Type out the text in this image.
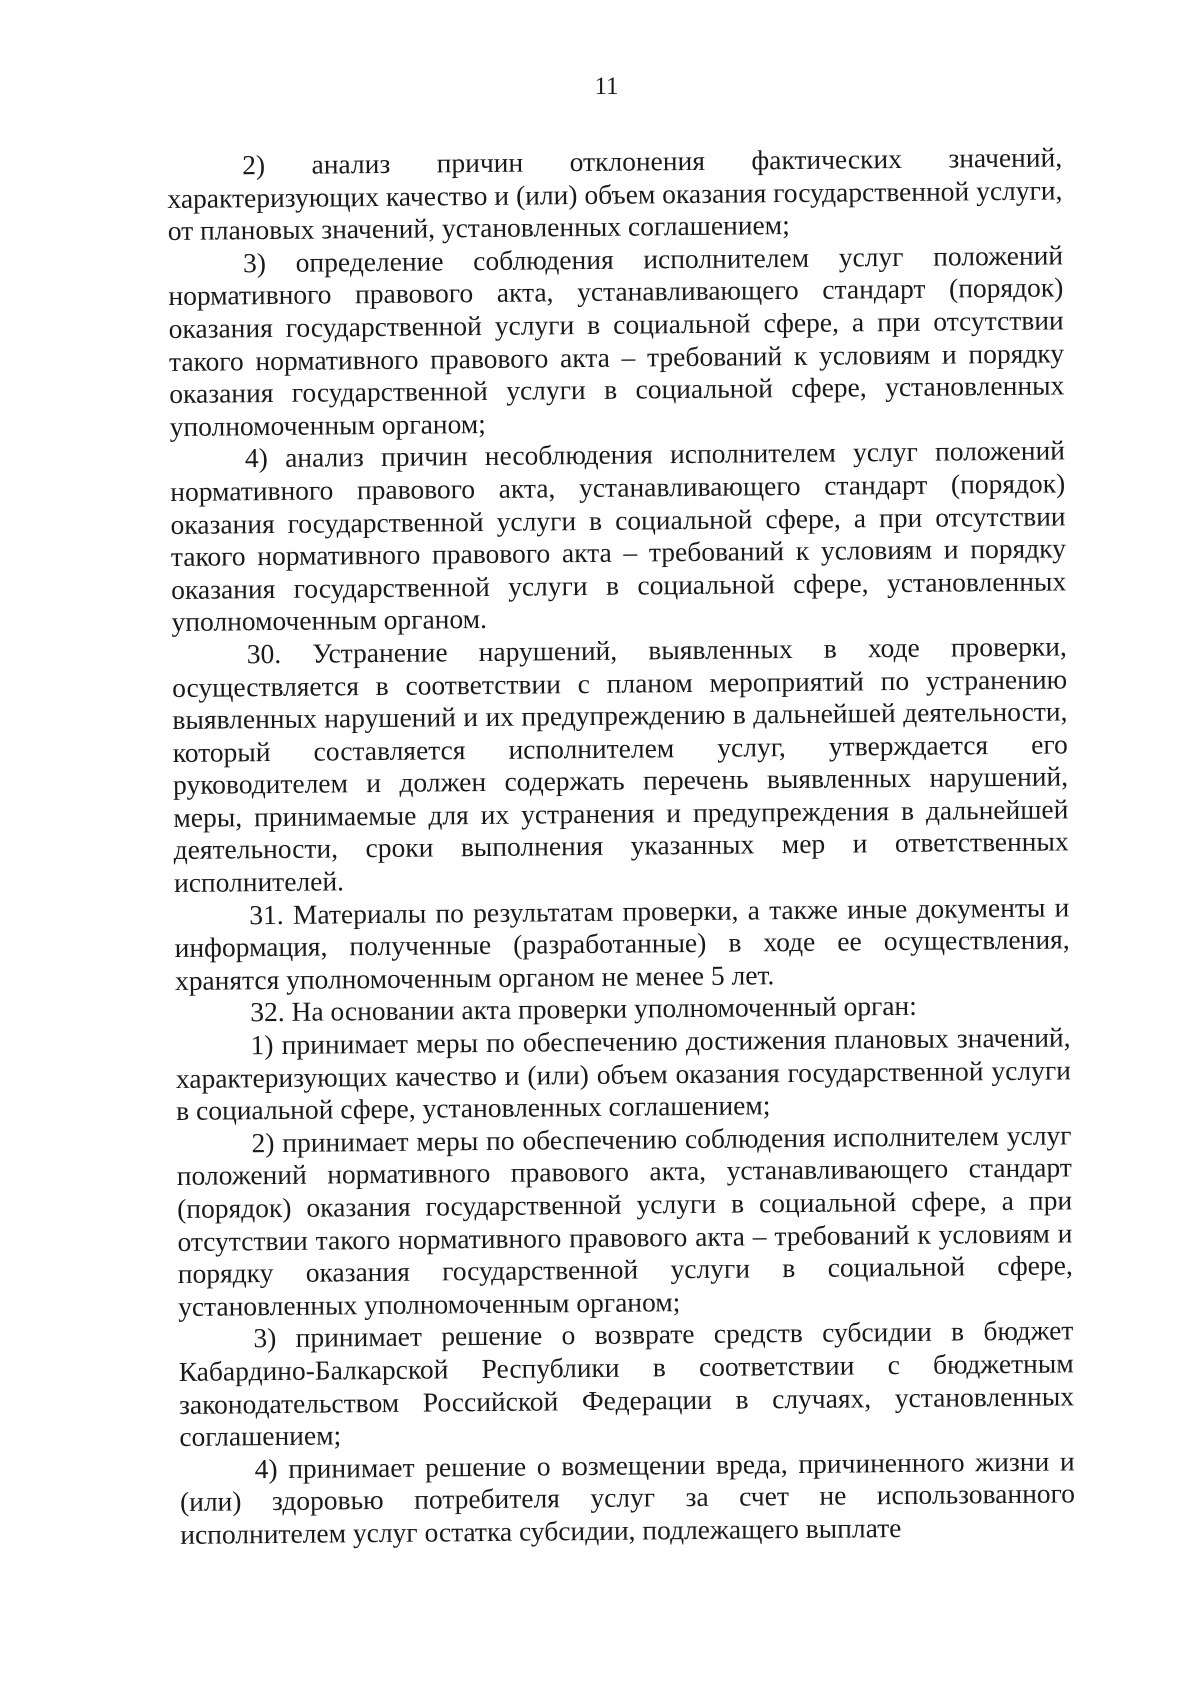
11

2) анализ причин отклонения фактических значений, характеризующих качество и (или) объем оказания государственной услуги, от плановых значений, установленных соглашением;

3) определение соблюдения исполнителем услуг положений нормативного правового акта, устанавливающего стандарт (порядок) оказания государственной услуги в социальной сфере, а при отсутствии такого нормативного правового акта – требований к условиям и порядку оказания государственной услуги в социальной сфере, установленных уполномоченным органом;

4) анализ причин несоблюдения исполнителем услуг положений нормативного правового акта, устанавливающего стандарт (порядок) оказания государственной услуги в социальной сфере, а при отсутствии такого нормативного правового акта – требований к условиям и порядку оказания государственной услуги в социальной сфере, установленных уполномоченным органом.

30. Устранение нарушений, выявленных в ходе проверки, осуществляется в соответствии с планом мероприятий по устранению выявленных нарушений и их предупреждению в дальнейшей деятельности, который составляется исполнителем услуг, утверждается его руководителем и должен содержать перечень выявленных нарушений, меры, принимаемые для их устранения и предупреждения в дальнейшей деятельности, сроки выполнения указанных мер и ответственных исполнителей.

31. Материалы по результатам проверки, а также иные документы и информация, полученные (разработанные) в ходе ее осуществления, хранятся уполномоченным органом не менее 5 лет.

32. На основании акта проверки уполномоченный орган:

1) принимает меры по обеспечению достижения плановых значений, характеризующих качество и (или) объем оказания государственной услуги в социальной сфере, установленных соглашением;

2) принимает меры по обеспечению соблюдения исполнителем услуг положений нормативного правового акта, устанавливающего стандарт (порядок) оказания государственной услуги в социальной сфере, а при отсутствии такого нормативного правового акта – требований к условиям и порядку оказания государственной услуги в социальной сфере, установленных уполномоченным органом;

3) принимает решение о возврате средств субсидии в бюджет Кабардино-Балкарской Республики в соответствии с бюджетным законодательством Российской Федерации в случаях, установленных соглашением;

4) принимает решение о возмещении вреда, причиненного жизни и (или) здоровью потребителя услуг за счет не использованного исполнителем услуг остатка субсидии, подлежащего выплате
